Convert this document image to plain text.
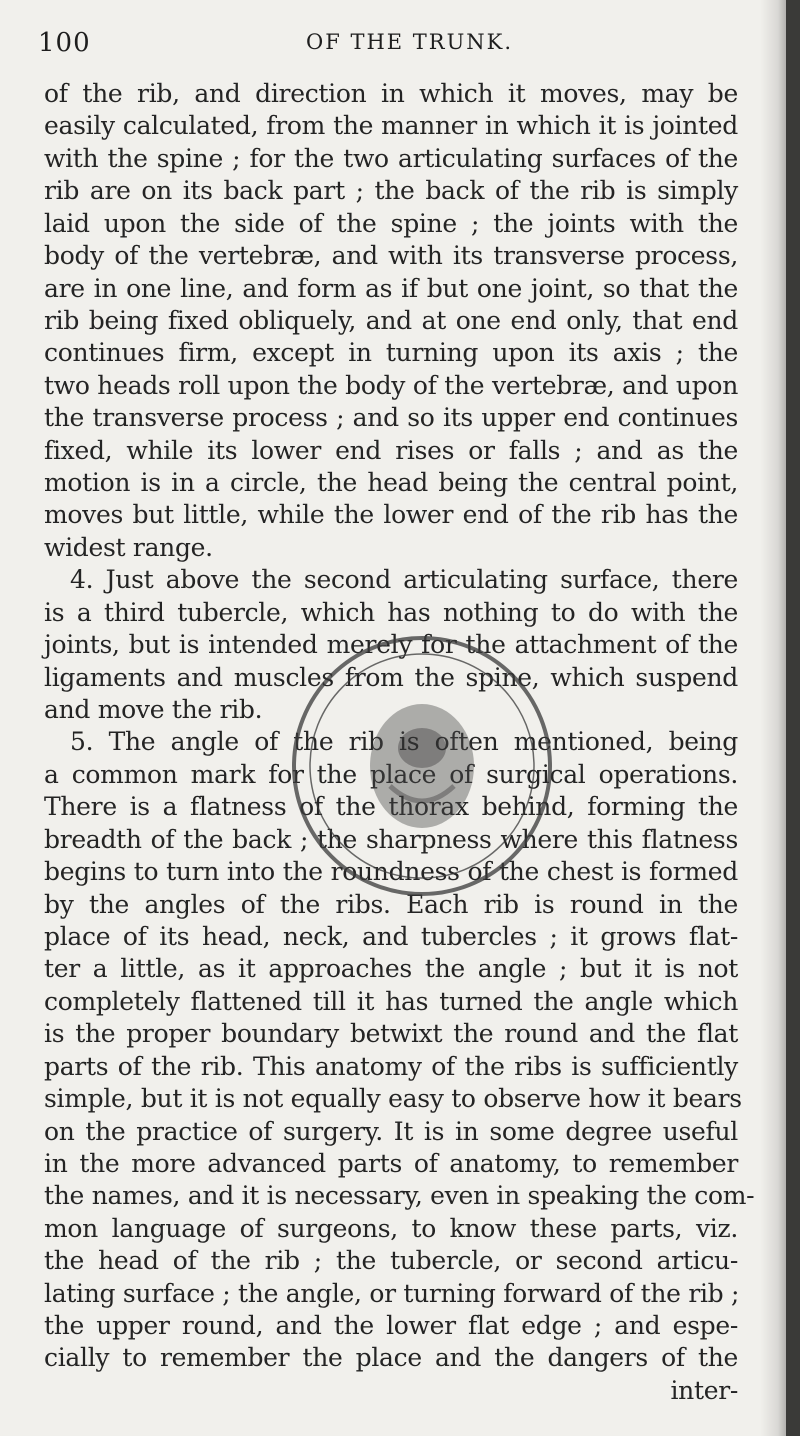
100	OF THE TRUNK.
of the rib, and direction in which it moves, may be
easily calculated, from the manner in which it is jointed
with the spine ; for the two articulating surfaces of the
rib are on its back part ; the back of the rib is simply
laid upon the side of the spine ; the joints with the
body of the vertebræ, and with its transverse process,
are in one line, and form as if but one joint, so that the
rib being fixed obliquely, and at one end only, that end
continues firm, except in turning upon its axis ; the
two heads roll upon the body of the vertebræ, and upon
the transverse process ; and so its upper end continues
fixed, while its lower end rises or falls ; and as the
motion is in a circle, the head being the central point,
moves but little, while the lower end of the rib has the
widest range.
4. Just above the second articulating surface, there
is a third tubercle, which has nothing to do with the
joints, but is intended merely for the attachment of the
ligaments and muscles from the spine, which suspend
and move the rib.
5. The angle of the rib is often mentioned, being
a common mark for the place of surgical operations.
There is a flatness of the thorax behind, forming the
breadth of the back ; the sharpness where this flatness
begins to turn into the roundness of the chest is formed
by the angles of the ribs. Each rib is round in the
place of its head, neck, and tubercles ; it grows flat-
ter a little, as it approaches the angle ; but it is not
completely flattened till it has turned the angle which
is the proper boundary betwixt the round and the flat
parts of the rib. This anatomy of the ribs is sufficiently
simple, but it is not equally easy to observe how it bears
on the practice of surgery. It is in some degree useful
in the more advanced parts of anatomy, to remember
the names, and it is necessary, even in speaking the com-
mon language of surgeons, to know these parts, viz.
the head of the rib ; the tubercle, or second articu-
lating surface ; the angle, or turning forward of the rib ;
the upper round, and the lower flat edge ; and espe-
cially to remember the place and the dangers of the
inter-
